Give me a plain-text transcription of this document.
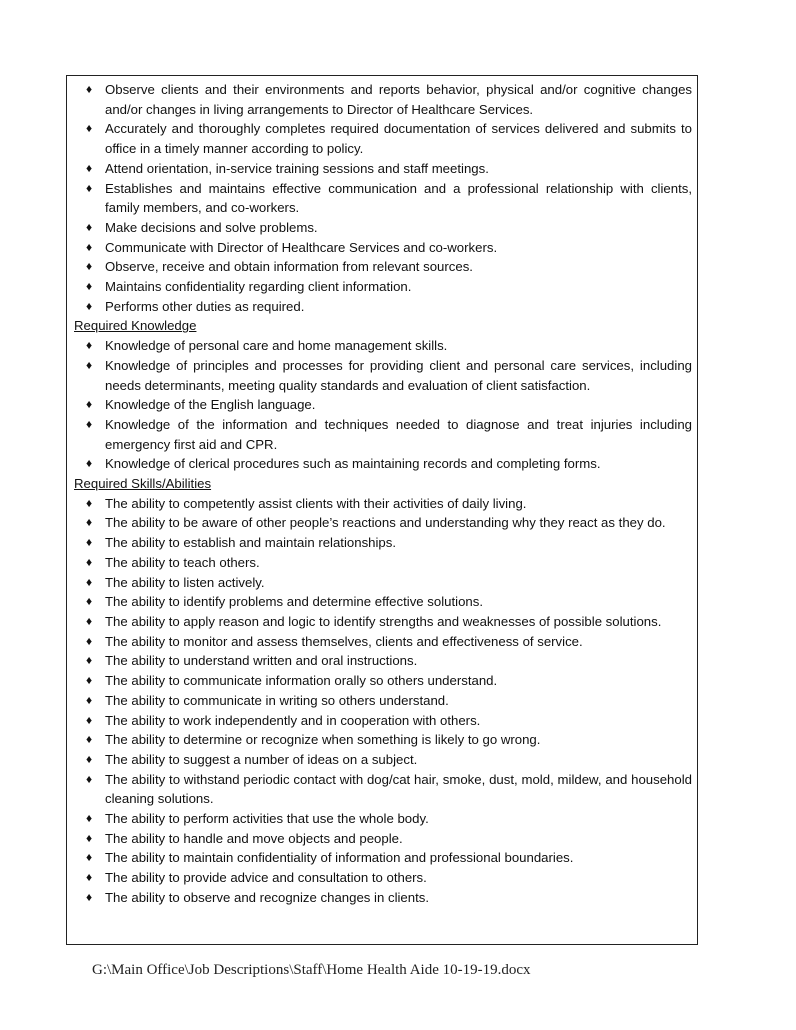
♦ Observe clients and their environments and reports behavior, physical and/or cognitive changes and/or changes in living arrangements to Director of Healthcare Services.
♦ Accurately and thoroughly completes required documentation of services delivered and submits to office in a timely manner according to policy.
♦ Attend orientation, in-service training sessions and staff meetings.
♦ Establishes and maintains effective communication and a professional relationship with clients, family members, and co-workers.
♦ Make decisions and solve problems.
♦ Communicate with Director of Healthcare Services and co-workers.
♦ Observe, receive and obtain information from relevant sources.
♦ Maintains confidentiality regarding client information.
♦ Performs other duties as required.

Required Knowledge

♦ Knowledge of personal care and home management skills.
♦ Knowledge of principles and processes for providing client and personal care services, including needs determinants, meeting quality standards and evaluation of client satisfaction.
♦ Knowledge of the English language.
♦ Knowledge of the information and techniques needed to diagnose and treat injuries including emergency first aid and CPR.
♦ Knowledge of clerical procedures such as maintaining records and completing forms.

Required Skills/Abilities

♦ The ability to competently assist clients with their activities of daily living.
♦ The ability to be aware of other people’s reactions and understanding why they react as they do.
♦ The ability to establish and maintain relationships.
♦ The ability to teach others.
♦ The ability to listen actively.
♦ The ability to identify problems and determine effective solutions.
♦ The ability to apply reason and logic to identify strengths and weaknesses of possible solutions.
♦ The ability to monitor and assess themselves, clients and effectiveness of service.
♦ The ability to understand written and oral instructions.
♦ The ability to communicate information orally so others understand.
♦ The ability to communicate in writing so others understand.
♦ The ability to work independently and in cooperation with others.
♦ The ability to determine or recognize when something is likely to go wrong.
♦ The ability to suggest a number of ideas on a subject.
♦ The ability to withstand periodic contact with dog/cat hair, smoke, dust, mold, mildew, and household cleaning solutions.
♦ The ability to perform activities that use the whole body.
♦ The ability to handle and move objects and people.
♦ The ability to maintain confidentiality of information and professional boundaries.
♦ The ability to provide advice and consultation to others.
♦ The ability to observe and recognize changes in clients.
G:\Main Office\Job Descriptions\Staff\Home Health Aide 10-19-19.docx
